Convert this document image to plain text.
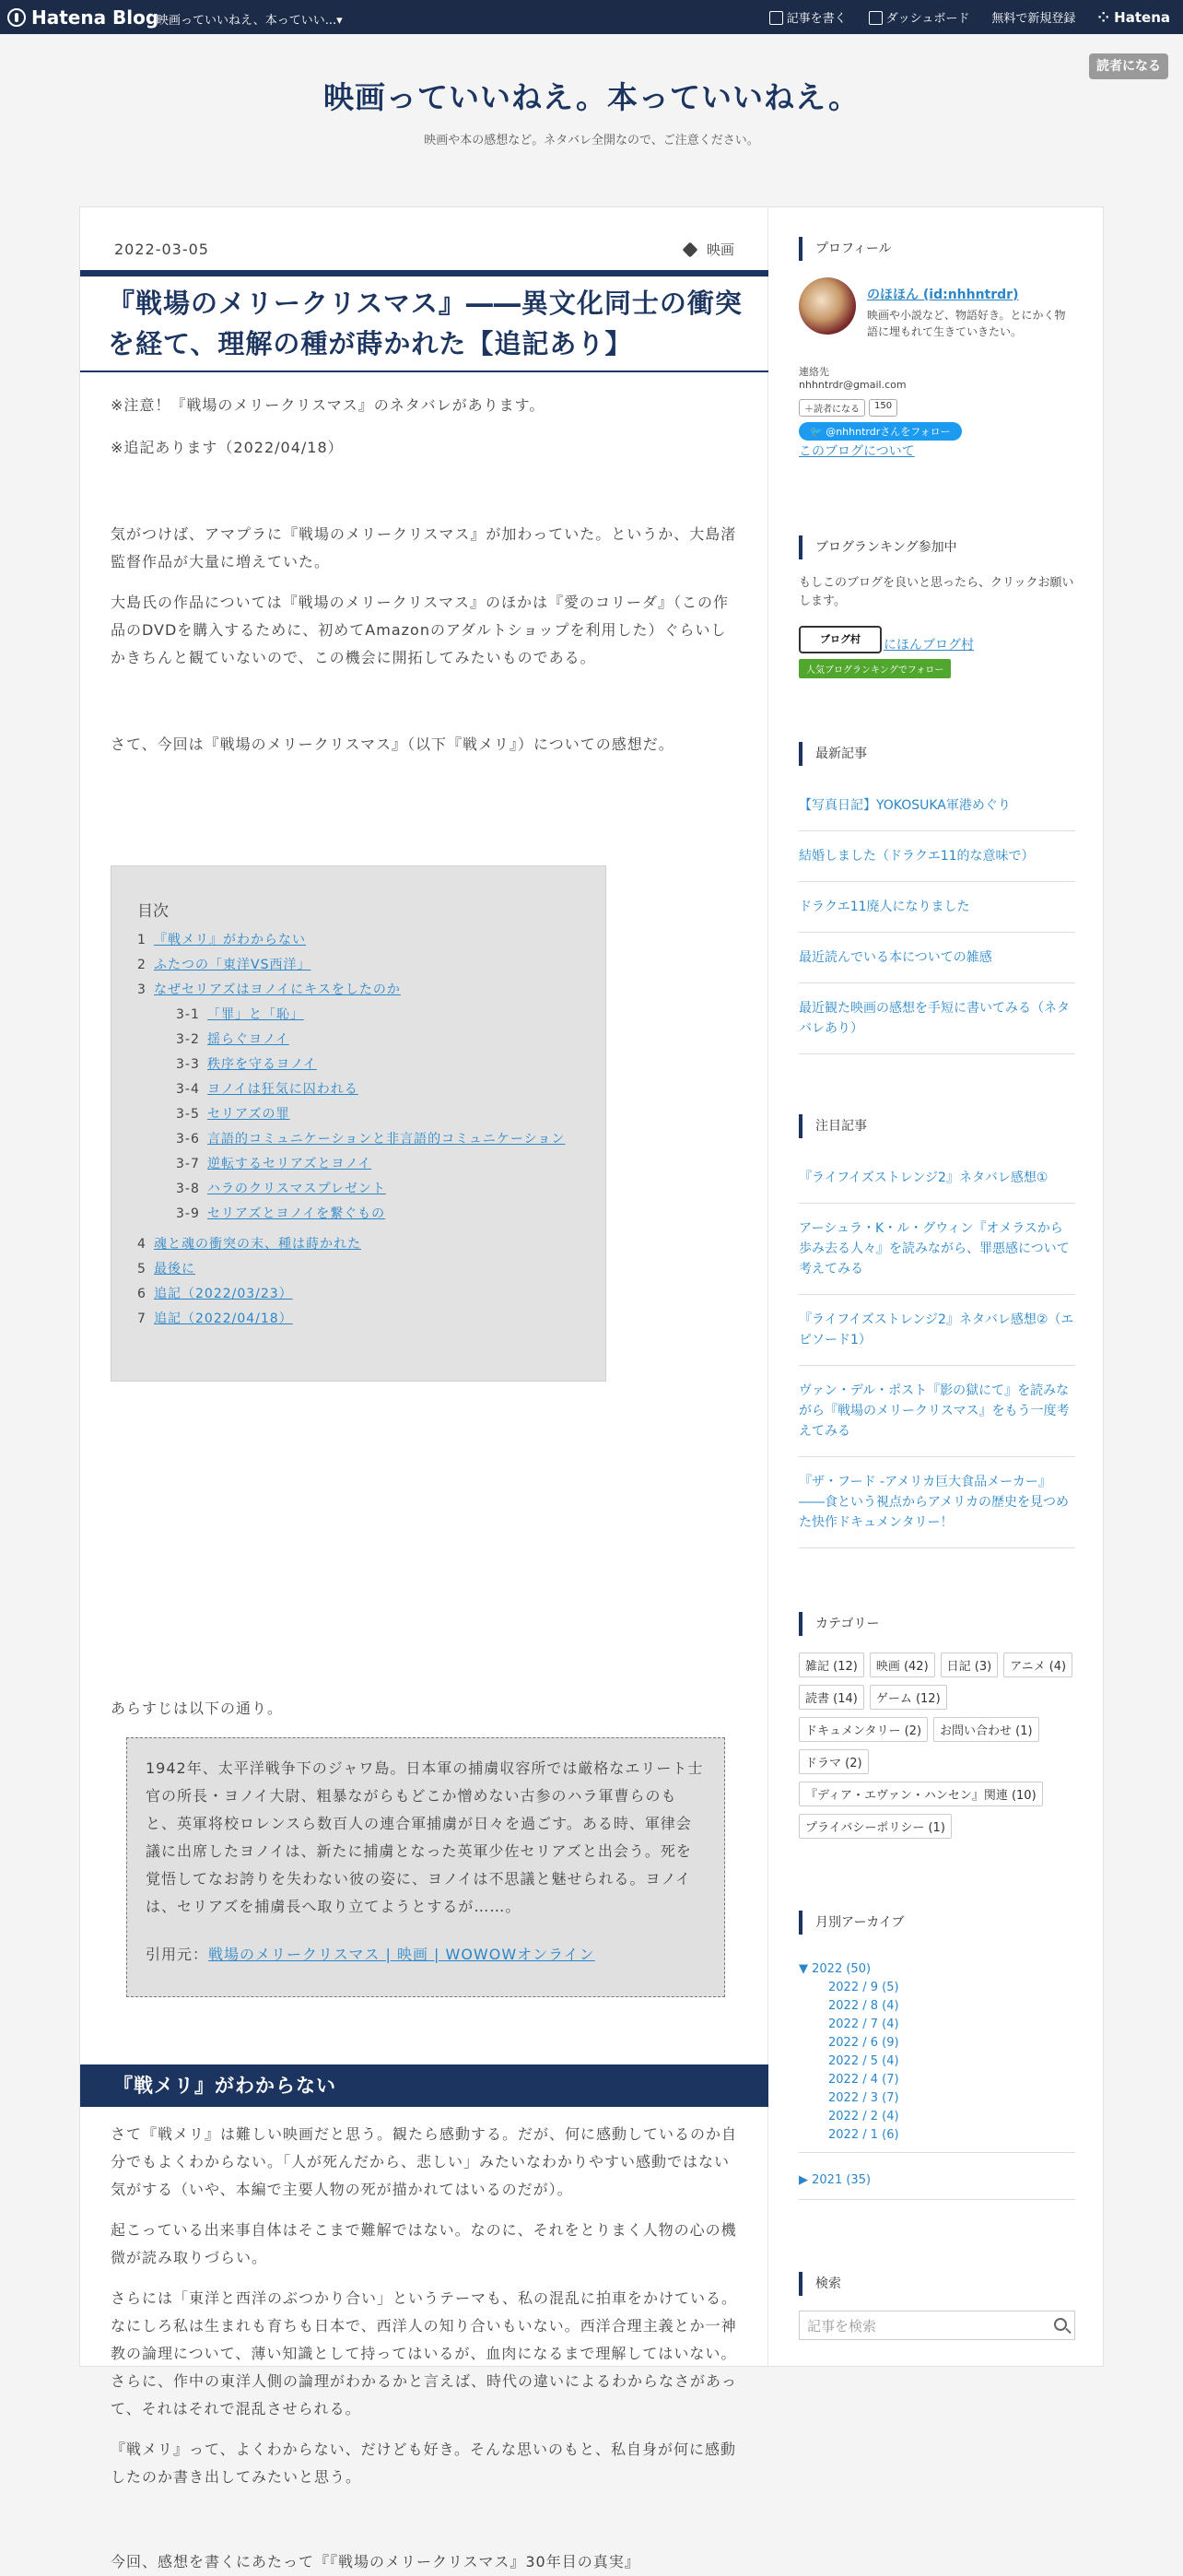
Hatena Blog
映画っていいねえ、本っていい...▾	記事を書く	ダッシュボード 無料で新規登録 ⁘ Hatena
読者になる
映画っていいねえ。本っていいねえ。
映画や本の感想など。ネタバレ全開なので、ご注意ください。
2022-03-05	映画
『戦場のメリークリスマス』――異文化同士の衝突を経て、理解の種が蒔かれた【追記あり】
※注意！『戦場のメリークリスマス』のネタバレがあります。
※追記あります（2022/04/18）
気がつけば、アマプラに『戦場のメリークリスマス』が加わっていた。というか、大島渚監督作品が大量に増えていた。
大島氏の作品については『戦場のメリークリスマス』のほかは『愛のコリーダ』（この作品のDVDを購入するために、初めてAmazonのアダルトショップを利用した）ぐらいしかきちんと観ていないので、この機会に開拓してみたいものである。
さて、今回は『戦場のメリークリスマス』（以下『戦メリ』）についての感想だ。
目次
1 『戦メリ』がわからない
2 ふたつの「東洋VS西洋」
3 なぜセリアズはヨノイにキスをしたのか
3-1 「罪」と「恥」
3-2 揺らぐヨノイ
3-3 秩序を守るヨノイ
3-4 ヨノイは狂気に囚われる
3-5 セリアズの罪
3-6 言語的コミュニケーションと非言語的コミュニケーション
3-7 逆転するセリアズとヨノイ
3-8 ハラのクリスマスプレゼント
3-9 セリアズとヨノイを繋ぐもの
4 魂と魂の衝突の末、種は蒔かれた
5 最後に
6 追記（2022/03/23）
7 追記（2022/04/18）
あらすじは以下の通り。
1942年、太平洋戦争下のジャワ島。日本軍の捕虜収容所では厳格なエリート士官の所長・ヨノイ大尉、粗暴ながらもどこか憎めない古参のハラ軍曹らのもと、英軍将校ロレンスら数百人の連合軍捕虜が日々を過ごす。ある時、軍律会議に出席したヨノイは、新たに捕虜となった英軍少佐セリアズと出会う。死を覚悟してなお誇りを失わない彼の姿に、ヨノイは不思議と魅せられる。ヨノイは、セリアズを捕虜長へ取り立てようとするが……。
引用元：戦場のメリークリスマス | 映画 | WOWOWオンライン
『戦メリ』がわからない
さて『戦メリ』は難しい映画だと思う。観たら感動する。だが、何に感動しているのか自分でもよくわからない。「人が死んだから、悲しい」みたいなわかりやすい感動ではない気がする（いや、本編で主要人物の死が描かれてはいるのだが）。
起こっている出来事自体はそこまで難解ではない。なのに、それをとりまく人物の心の機微が読み取りづらい。
さらには「東洋と西洋のぶつかり合い」というテーマも、私の混乱に拍車をかけている。なにしろ私は生まれも育ちも日本で、西洋人の知り合いもいない。西洋合理主義とか一神教の論理について、薄い知識として持ってはいるが、血肉になるまで理解してはいない。さらに、作中の東洋人側の論理がわかるかと言えば、時代の違いによるわからなさがあって、それはそれで混乱させられる。
『戦メリ』って、よくわからない、だけども好き。そんな思いのもと、私自身が何に感動したのか書き出してみたいと思う。
今回、感想を書くにあたって『『戦場のメリークリスマス』30年目の真実』
プロフィール
のほほん (id:nhhntrdr)
映画や小説など、物語好き。とにかく物語に埋もれて生きていきたい。
連絡先
nhhntrdr@gmail.com
＋読者になる	150
🐦 @nhhntrdrさんをフォロー
このブログについて
ブログランキング参加中
もしこのブログを良いと思ったら、クリックお願いします。
ブログ村	にほんブログ村
人気ブログランキングでフォロー
最新記事
【写真日記】YOKOSUKA軍港めぐり
結婚しました（ドラクエ11的な意味で）
ドラクエ11廃人になりました
最近読んでいる本についての雑感
最近観た映画の感想を手短に書いてみる（ネタバレあり）
注目記事
『ライフイズストレンジ2』ネタバレ感想①
アーシュラ・K・ル・グウィン『オメラスから歩み去る人々』を読みながら、罪悪感について考えてみる
『ライフイズストレンジ2』ネタバレ感想②（エピソード1）
ヴァン・デル・ポスト『影の獄にて』を読みながら『戦場のメリークリスマス』をもう一度考えてみる
『ザ・フード -アメリカ巨大食品メーカー』――食という視点からアメリカの歴史を見つめた快作ドキュメンタリー！
カテゴリー
雑記 (12)	映画 (42)	日記 (3)	アニメ (4)
読書 (14)	ゲーム (12)
ドキュメンタリー (2)	お問い合わせ (1)
ドラマ (2)
『ディア・エヴァン・ハンセン』関連 (10)
プライバシーポリシー (1)
月別アーカイブ
▼ 2022 (50)
2022 / 9 (5)
2022 / 8 (4)
2022 / 7 (4)
2022 / 6 (9)
2022 / 5 (4)
2022 / 4 (7)
2022 / 3 (7)
2022 / 2 (4)
2022 / 1 (6)
▶ 2021 (35)
検索
記事を検索
